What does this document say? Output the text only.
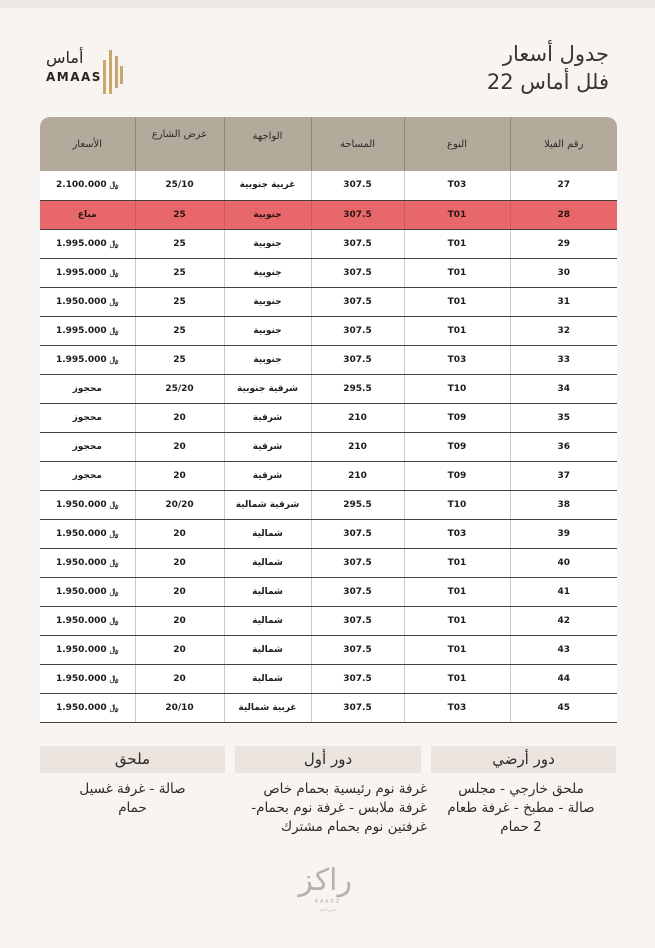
أماس
AMAAS
جدول أسعار
فلل أماس 22
رقم الفيلا	النوع	المساحة	الواجهة	عرض الشارع	الأسعار
27	T03	307.5	غربية جنوبية	25/10	﷼2.100.000
28	T01	307.5	جنوبية	25	مباع
29	T01	307.5	جنوبية	25	﷼1.995.000
30	T01	307.5	جنوبية	25	﷼1.995.000
31	T01	307.5	جنوبية	25	﷼1.950.000
32	T01	307.5	جنوبية	25	﷼1.995.000
33	T03	307.5	جنوبية	25	﷼1.995.000
34	T10	295.5	شرقية جنوبية	25/20	محجوز
35	T09	210	شرقية	20	محجوز
36	T09	210	شرقية	20	محجوز
37	T09	210	شرقية	20	محجوز
38	T10	295.5	شرقية شمالية	20/20	﷼1.950.000
39	T03	307.5	شمالية	20	﷼1.950.000
40	T01	307.5	شمالية	20	﷼1.950.000
41	T01	307.5	شمالية	20	﷼1.950.000
42	T01	307.5	شمالية	20	﷼1.950.000
43	T01	307.5	شمالية	20	﷼1.950.000
44	T01	307.5	شمالية	20	﷼1.950.000
45	T03	307.5	غربية شمالية	20/10	﷼1.950.000
دور أرضي
دور أول
ملحق
ملحق خارجي - مجلس
صالة - مطبخ - غرفة طعام
2 حمام
غرفة نوم رئيسية بحمام خاص
غرفة ملابس - غرفة نوم بحمام-
غرفتين نوم بحمام مشترك
صالة - غرفة غسيل
حمام
راكز
RAKEZ
بحس الثقة
